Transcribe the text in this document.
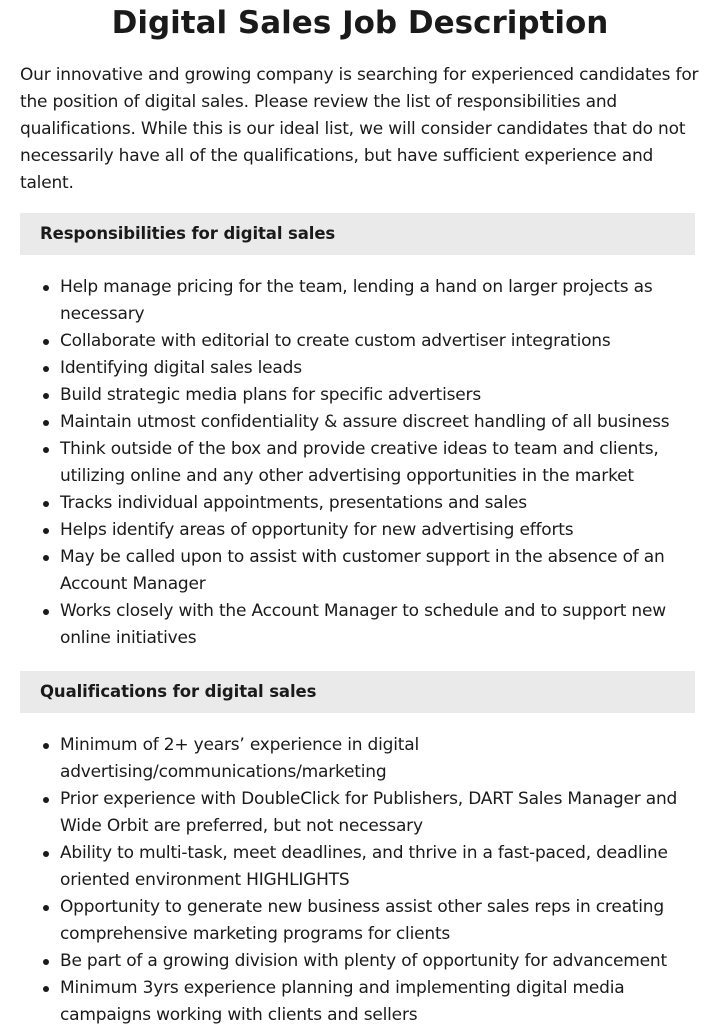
Digital Sales Job Description

Our innovative and growing company is searching for experienced candidates for the position of digital sales. Please review the list of responsibilities and qualifications. While this is our ideal list, we will consider candidates that do not necessarily have all of the qualifications, but have sufficient experience and talent.

Responsibilities for digital sales
Help manage pricing for the team, lending a hand on larger projects as necessary
Collaborate with editorial to create custom advertiser integrations
Identifying digital sales leads
Build strategic media plans for specific advertisers
Maintain utmost confidentiality & assure discreet handling of all business
Think outside of the box and provide creative ideas to team and clients, utilizing online and any other advertising opportunities in the market
Tracks individual appointments, presentations and sales
Helps identify areas of opportunity for new advertising efforts
May be called upon to assist with customer support in the absence of an Account Manager
Works closely with the Account Manager to schedule and to support new online initiatives
Qualifications for digital sales
Minimum of 2+ years’ experience in digital advertising/communications/marketing
Prior experience with DoubleClick for Publishers, DART Sales Manager and Wide Orbit are preferred, but not necessary
Ability to multi-task, meet deadlines, and thrive in a fast-paced, deadline oriented environment HIGHLIGHTS
Opportunity to generate new business assist other sales reps in creating comprehensive marketing programs for clients
Be part of a growing division with plenty of opportunity for advancement
Minimum 3yrs experience planning and implementing digital media campaigns working with clients and sellers
